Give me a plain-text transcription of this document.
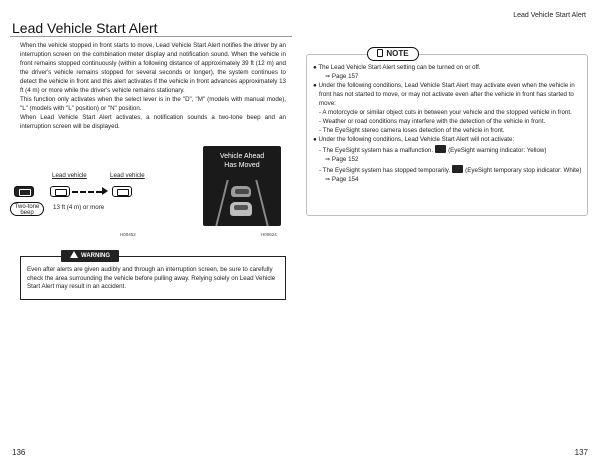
Lead Vehicle Start Alert
Lead Vehicle Start Alert

When the vehicle stopped in front starts to move, Lead Vehicle Start Alert notifies the driver by an interruption screen on the combination meter display and notification sound. When the vehicle in front remains stopped continuously (within a following distance of approximately 39 ft (12 m) and the driver's vehicle remains stopped for several seconds or longer), the system continues to detect the vehicle in front and this alert activates if the vehicle in front advances approximately 13 ft (4 m) or more while the driver's vehicle remains stationary.

This function only activates when the select lever is in the "D", "M" (models with manual mode), "L" (models with "L" position) or "N" position.

When Lead Vehicle Start Alert activates, a notification sounds a two-tone beep and an interruption screen will be displayed.

Lead vehicle	Lead vehicle
Two-tone beep
13 ft (4 m) or more
H00452
Vehicle Ahead
Has Moved
H00624
WARNING
Even after alerts are given audibly and through an interruption screen, be sure to carefully check the area surrounding the vehicle before pulling away. Relying solely on Lead Vehicle Start Alert may result in an accident.
NOTE
● The Lead Vehicle Start Alert setting can be turned on or off.
⇒ Page 157
● Under the following conditions, Lead Vehicle Start Alert may activate even when the vehicle in front has not started to move, or may not activate even after the vehicle in front has started to move:
- A motorcycle or similar object cuts in between your vehicle and the stopped vehicle in front.
- Weather or road conditions may interfere with the detection of the vehicle in front.
- The EyeSight stereo camera loses detection of the vehicle in front.
● Under the following conditions, Lead Vehicle Start Alert will not activate:
- The EyeSight system has a malfunction. (EyeSight warning indicator: Yellow)
⇒ Page 152
- The EyeSight system has stopped temporarily. (EyeSight temporary stop indicator: White)
⇒ Page 154
136	137
